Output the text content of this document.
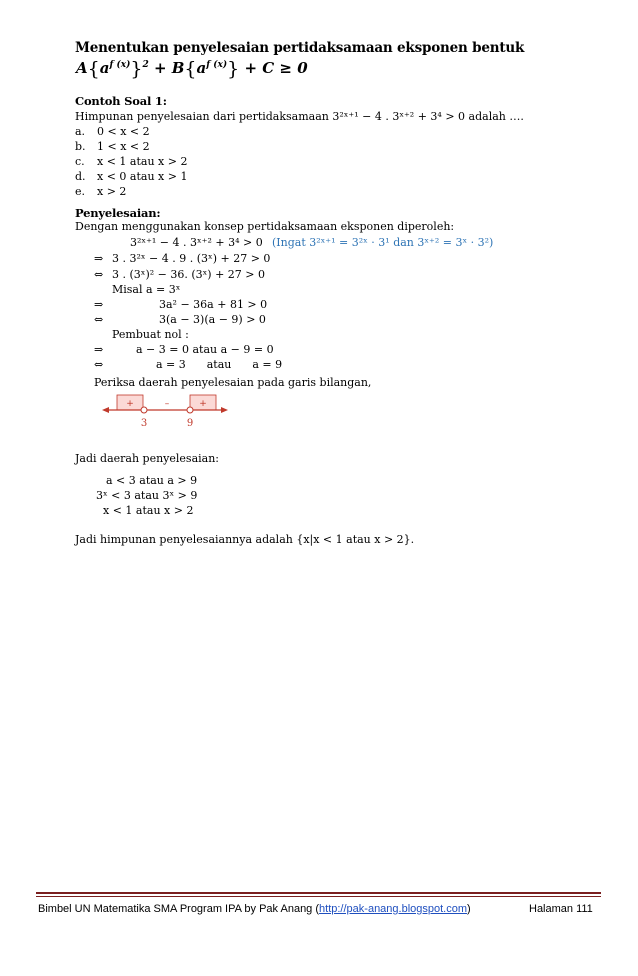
Menentukan penyelesaian pertidaksamaan eksponen bentuk
$A\{a^{f (x)}\}^2 + B\{a^{f (x)}\} + C \ge 0$
Contoh Soal 1:
Himpunan penyelesaian dari pertidaksamaan 3²ˣ⁺¹ − 4 . 3ˣ⁺² + 3⁴ > 0 adalah ….
a. 0 < x < 2
b. 1 < x < 2
c. x < 1 atau x > 2
d. x < 0 atau x > 1
e. x > 2
Penyelesaian:
Dengan menggunakan konsep pertidaksamaan eksponen diperoleh:
3²ˣ⁺¹ − 4 . 3ˣ⁺² + 3⁴ > 0 (Ingat 3²ˣ⁺¹ = 3²ˣ · 3¹ dan 3ˣ⁺² = 3ˣ · 3²)
⇒ 3 . 3²ˣ − 4 . 9 . (3ˣ) + 27 > 0
⇔ 3 . (3ˣ)² − 36. (3ˣ) + 27 > 0
Misal a = 3ˣ
⇒	3a² − 36a + 81 > 0
⇔	3(a − 3)(a − 9) > 0
Pembuat nol :
⇒	a − 3 = 0 atau a − 9 = 0
⇔	a = 3      atau      a = 9
Periksa daerah penyelesaian pada garis bilangan,
+	–	+
3	9
Jadi daerah penyelesaian:
a < 3 atau a > 9
3ˣ < 3 atau 3ˣ > 9
x < 1 atau x > 2
Jadi himpunan penyelesaiannya adalah {x|x < 1 atau x > 2}.
Bimbel UN Matematika SMA Program IPA by Pak Anang (http://pak-anang.blogspot.com)	Halaman 111
